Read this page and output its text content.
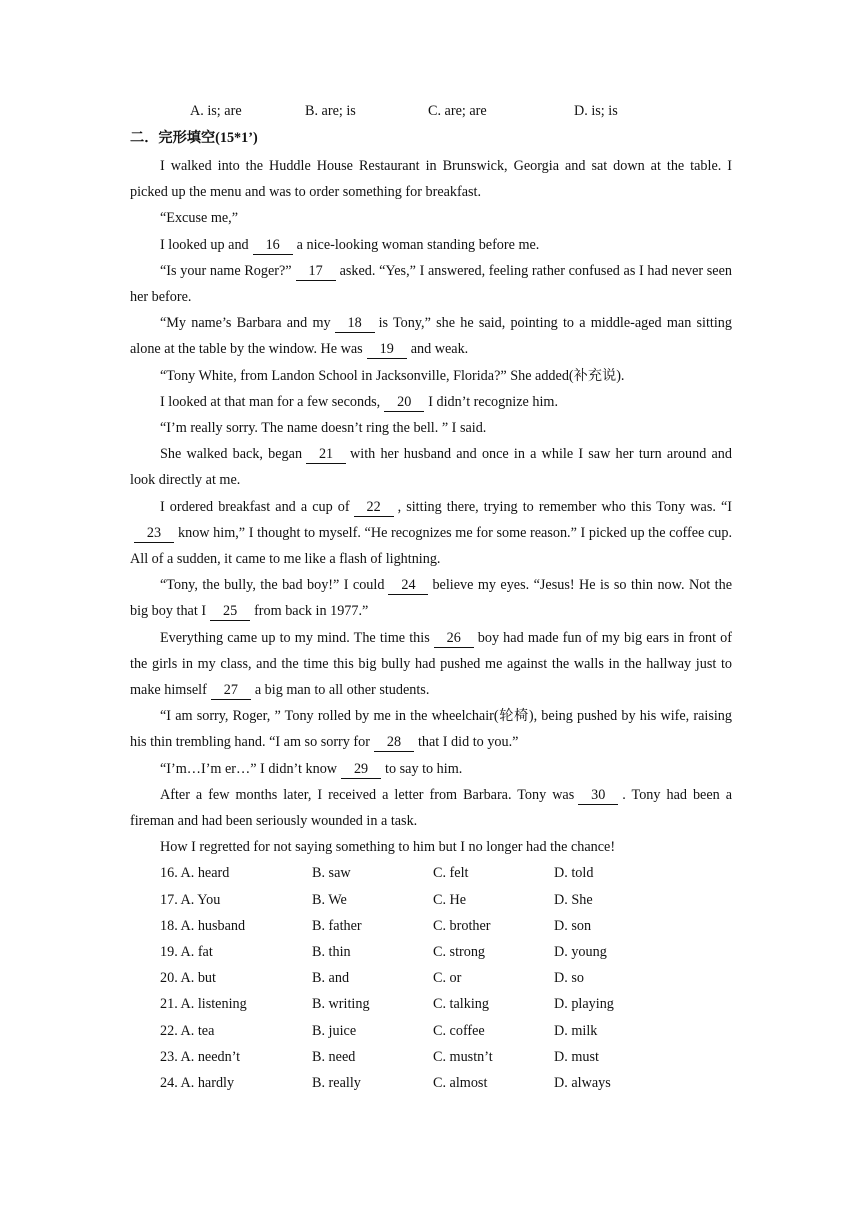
A. is; are	B. are; is	C. are; are	D. is; is
二．完形填空(15*1’)

I walked into the Huddle House Restaurant in Brunswick, Georgia and sat down at the table. I picked up the menu and was to order something for breakfast.

“Excuse me,”

I looked up and 16 a nice-looking woman standing before me.

“Is your name Roger?” 17 asked. “Yes,” I answered, feeling rather confused as I had never seen her before.

“My name’s Barbara and my 18 is Tony,” she he said, pointing to a middle-aged man sitting alone at the table by the window. He was 19 and weak.

“Tony White, from Landon School in Jacksonville, Florida?” She added(补充说).

I looked at that man for a few seconds, 20 I didn’t recognize him.

“I’m really sorry. The name doesn’t ring the bell. ” I said.

She walked back, began 21 with her husband and once in a while I saw her turn around and look directly at me.

I ordered breakfast and a cup of 22 , sitting there, trying to remember who this Tony was. “I23 know him,” I thought to myself. “He recognizes me for some reason.” I picked up the coffee cup. All of a sudden, it came to me like a flash of lightning.

“Tony, the bully, the bad boy!” I could 24 believe my eyes. “Jesus! He is so thin now. Not the big boy that I 25 from back in 1977.”

Everything came up to my mind. The time this 26 boy had made fun of my big ears in front of the girls in my class, and the time this big bully had pushed me against the walls in the hallway just to make himself 27 a big man to all other students.

“I am sorry, Roger, ” Tony rolled by me in the wheelchair(轮椅), being pushed by his wife, raising his thin trembling hand. “I am so sorry for 28 that I did to you.”

“I’m…I’m er…” I didn’t know 29 to say to him.

After a few months later, I received a letter from Barbara. Tony was 30 . Tony had been a fireman and had been seriously wounded in a task.

How I regretted for not saying something to him but I no longer had the chance!

16. A. heard	B. saw	C. felt	D. told
17. A. You	B. We	C. He	D. She
18. A. husband	B. father	C. brother	D. son
19. A. fat	B. thin	C. strong	D. young
20. A. but	B. and	C. or	D. so
21. A. listening	B. writing	C. talking	D. playing
22. A. tea	B. juice	C. coffee	D. milk
23. A. needn’t	B. need	C. mustn’t	D. must
24. A. hardly	B. really	C. almost	D. always
